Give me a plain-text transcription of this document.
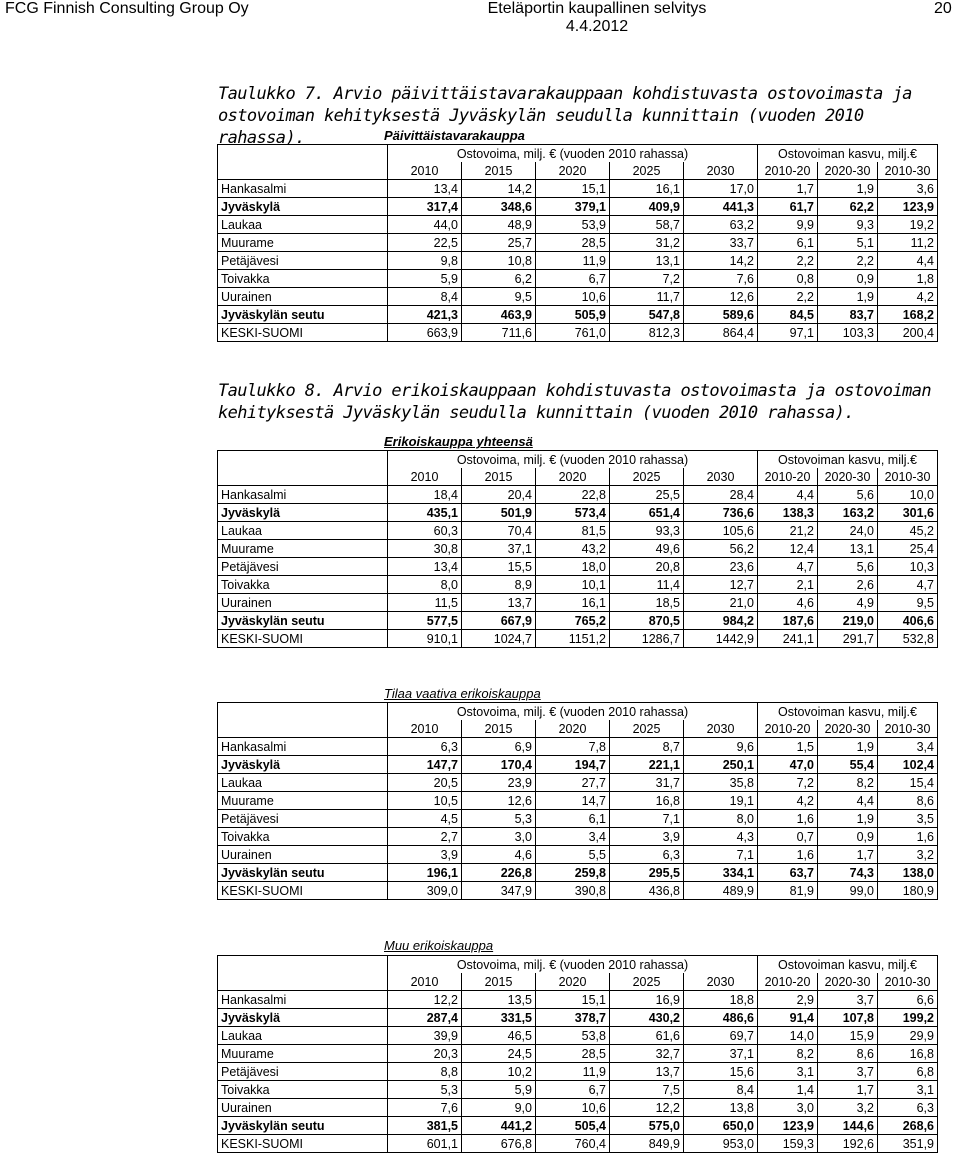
FCG Finnish Consulting Group Oy	Eteläportin kaupallinen selvitys
4.4.2012
20
Taulukko 7. Arvio päivittäistavarakauppaan kohdistuvasta ostovoimasta ja ostovoiman kehityksestä Jyväskylän seudulla kunnittain (vuoden 2010 rahassa).	Päivittäistavarakauppa
	Ostovoima, milj. € (vuoden 2010 rahassa)					Ostovoiman kasvu, milj.€		
	2010	2015	2020	2025	2030	2010-20	2020-30	2010-30
Hankasalmi	13,4	14,2	15,1	16,1	17,0	1,7	1,9	3,6
Jyväskylä	317,4	348,6	379,1	409,9	441,3	61,7	62,2	123,9
Laukaa	44,0	48,9	53,9	58,7	63,2	9,9	9,3	19,2
Muurame	22,5	25,7	28,5	31,2	33,7	6,1	5,1	11,2
Petäjävesi	9,8	10,8	11,9	13,1	14,2	2,2	2,2	4,4
Toivakka	5,9	6,2	6,7	7,2	7,6	0,8	0,9	1,8
Uurainen	8,4	9,5	10,6	11,7	12,6	2,2	1,9	4,2
Jyväskylän seutu	421,3	463,9	505,9	547,8	589,6	84,5	83,7	168,2
KESKI-SUOMI	663,9	711,6	761,0	812,3	864,4	97,1	103,3	200,4
Taulukko 8. Arvio erikoiskauppaan kohdistuvasta ostovoimasta ja ostovoiman kehityksestä Jyväskylän seudulla kunnittain (vuoden 2010 rahassa).
Erikoiskauppa yhteensä
	Ostovoima, milj. € (vuoden 2010 rahassa)					Ostovoiman kasvu, milj.€		
	2010	2015	2020	2025	2030	2010-20	2020-30	2010-30
Hankasalmi	18,4	20,4	22,8	25,5	28,4	4,4	5,6	10,0
Jyväskylä	435,1	501,9	573,4	651,4	736,6	138,3	163,2	301,6
Laukaa	60,3	70,4	81,5	93,3	105,6	21,2	24,0	45,2
Muurame	30,8	37,1	43,2	49,6	56,2	12,4	13,1	25,4
Petäjävesi	13,4	15,5	18,0	20,8	23,6	4,7	5,6	10,3
Toivakka	8,0	8,9	10,1	11,4	12,7	2,1	2,6	4,7
Uurainen	11,5	13,7	16,1	18,5	21,0	4,6	4,9	9,5
Jyväskylän seutu	577,5	667,9	765,2	870,5	984,2	187,6	219,0	406,6
KESKI-SUOMI	910,1	1024,7	1151,2	1286,7	1442,9	241,1	291,7	532,8
Tilaa vaativa erikoiskauppa
	Ostovoima, milj. € (vuoden 2010 rahassa)					Ostovoiman kasvu, milj.€		
	2010	2015	2020	2025	2030	2010-20	2020-30	2010-30
Hankasalmi	6,3	6,9	7,8	8,7	9,6	1,5	1,9	3,4
Jyväskylä	147,7	170,4	194,7	221,1	250,1	47,0	55,4	102,4
Laukaa	20,5	23,9	27,7	31,7	35,8	7,2	8,2	15,4
Muurame	10,5	12,6	14,7	16,8	19,1	4,2	4,4	8,6
Petäjävesi	4,5	5,3	6,1	7,1	8,0	1,6	1,9	3,5
Toivakka	2,7	3,0	3,4	3,9	4,3	0,7	0,9	1,6
Uurainen	3,9	4,6	5,5	6,3	7,1	1,6	1,7	3,2
Jyväskylän seutu	196,1	226,8	259,8	295,5	334,1	63,7	74,3	138,0
KESKI-SUOMI	309,0	347,9	390,8	436,8	489,9	81,9	99,0	180,9
Muu erikoiskauppa
	Ostovoima, milj. € (vuoden 2010 rahassa)					Ostovoiman kasvu, milj.€		
	2010	2015	2020	2025	2030	2010-20	2020-30	2010-30
Hankasalmi	12,2	13,5	15,1	16,9	18,8	2,9	3,7	6,6
Jyväskylä	287,4	331,5	378,7	430,2	486,6	91,4	107,8	199,2
Laukaa	39,9	46,5	53,8	61,6	69,7	14,0	15,9	29,9
Muurame	20,3	24,5	28,5	32,7	37,1	8,2	8,6	16,8
Petäjävesi	8,8	10,2	11,9	13,7	15,6	3,1	3,7	6,8
Toivakka	5,3	5,9	6,7	7,5	8,4	1,4	1,7	3,1
Uurainen	7,6	9,0	10,6	12,2	13,8	3,0	3,2	6,3
Jyväskylän seutu	381,5	441,2	505,4	575,0	650,0	123,9	144,6	268,6
KESKI-SUOMI	601,1	676,8	760,4	849,9	953,0	159,3	192,6	351,9
